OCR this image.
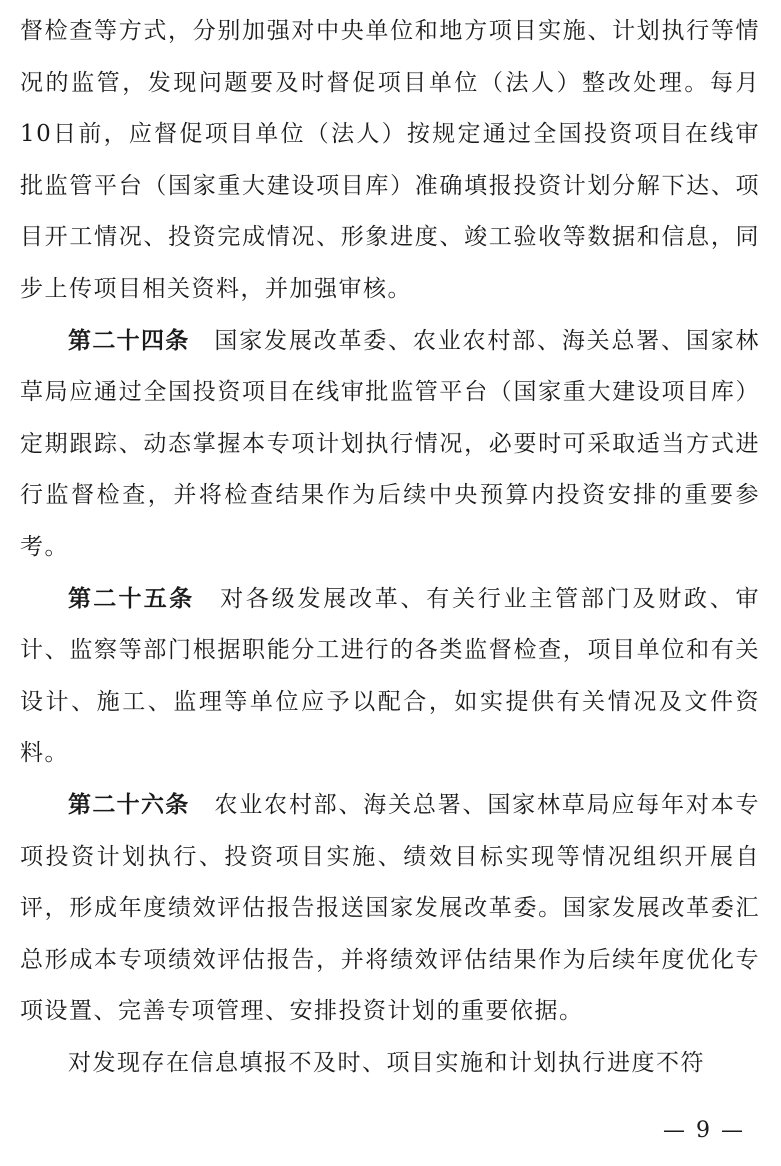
督检查等方式，分别加强对中央单位和地方项目实施、计划执行等情况的监管，发现问题要及时督促项目单位（法人）整改处理。每月10日前，应督促项目单位（法人）按规定通过全国投资项目在线审批监管平台（国家重大建设项目库）准确填报投资计划分解下达、项目开工情况、投资完成情况、形象进度、竣工验收等数据和信息，同步上传项目相关资料，并加强审核。

第二十四条　 国家发展改革委、农业农村部、海关总署、国家林草局应通过全国投资项目在线审批监管平台（国家重大建设项目库）定期跟踪、动态掌握本专项计划执行情况，必要时可采取适当方式进行监督检查，并将检查结果作为后续中央预算内投资安排的重要参考。

第二十五条　 对各级发展改革、有关行业主管部门及财政、审计、监察等部门根据职能分工进行的各类监督检查，项目单位和有关设计、施工、监理等单位应予以配合，如实提供有关情况及文件资料。

第二十六条　 农业农村部、海关总署、国家林草局应每年对本专项投资计划执行、投资项目实施、绩效目标实现等情况组织开展自评，形成年度绩效评估报告报送国家发展改革委。国家发展改革委汇总形成本专项绩效评估报告，并将绩效评估结果作为后续年度优化专项设置、完善专项管理、安排投资计划的重要依据。

对发现存在信息填报不及时、项目实施和计划执行进度不符

— 9 —
